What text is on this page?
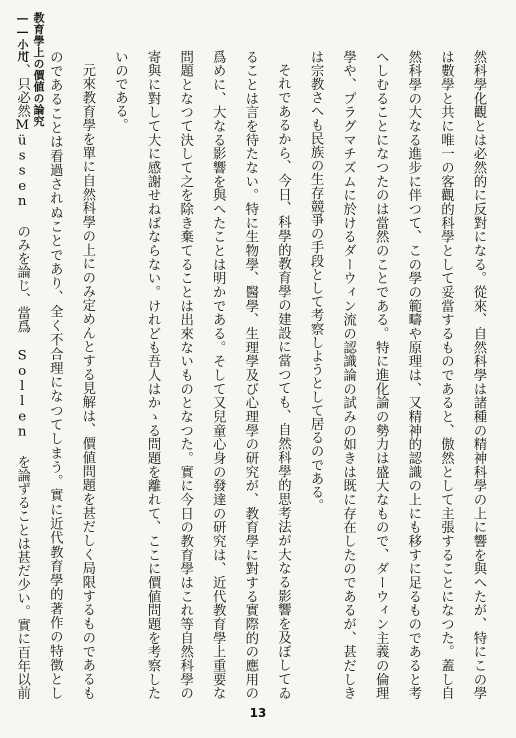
教育學上の價値の論究――小川

然科學化觀とは必然的に反對になる。從來、自然科學は諸種の精神科學の上に響を與へたが、特にこの學は數學と共に唯一の客觀的科學として妥當するものであると、傲然として主張することになつた。蓋し自然科學の大なる進步に伴つて、この學の範疇や原理は、又精神的認識の上にも移すに足るものであると考へしむることになつたのは當然のことである。特に進化論の勢力は盛大なもので、ダーウィン主義の倫理學や、プラグマチズムに於けるダーウィン流の認識論の試みの如きは既に存在したのであるが、甚だしきは宗教さへも民族の生存競爭の手段として考察しようとして居るのである。

それであるから、今日、科學的教育學の建設に當つても、自然科學的思考法が大なる影響を及ぼしてゐることは言を待たない。特に生物學、醫學、生理學及び心理學の研究が、教育學に對する實際的の應用の爲めに、大なる影響を與へたことは明かである。そして又兒童心身の發達の研究は、近代教育學上重要な問題となつて決して之を除き棄てることは出來ないものとなつた。實に今日の教育學はこれ等自然科學の寄與に對して大に感謝せねばならない。けれども吾人はかゝる問題を離れて、ここに價値問題を考察したいのである。

元來教育學を單に自然科學の上にのみ定めんとする見解は、價値問題を甚だしく局限するものであるものであることは看過されぬことであり、全く不合理になつてしまう。實に近代教育學的著作の特徴として、只必然Müssen のみを論じ、當爲 Sollen を論ずることは甚だ少い。實に百年以前

13
